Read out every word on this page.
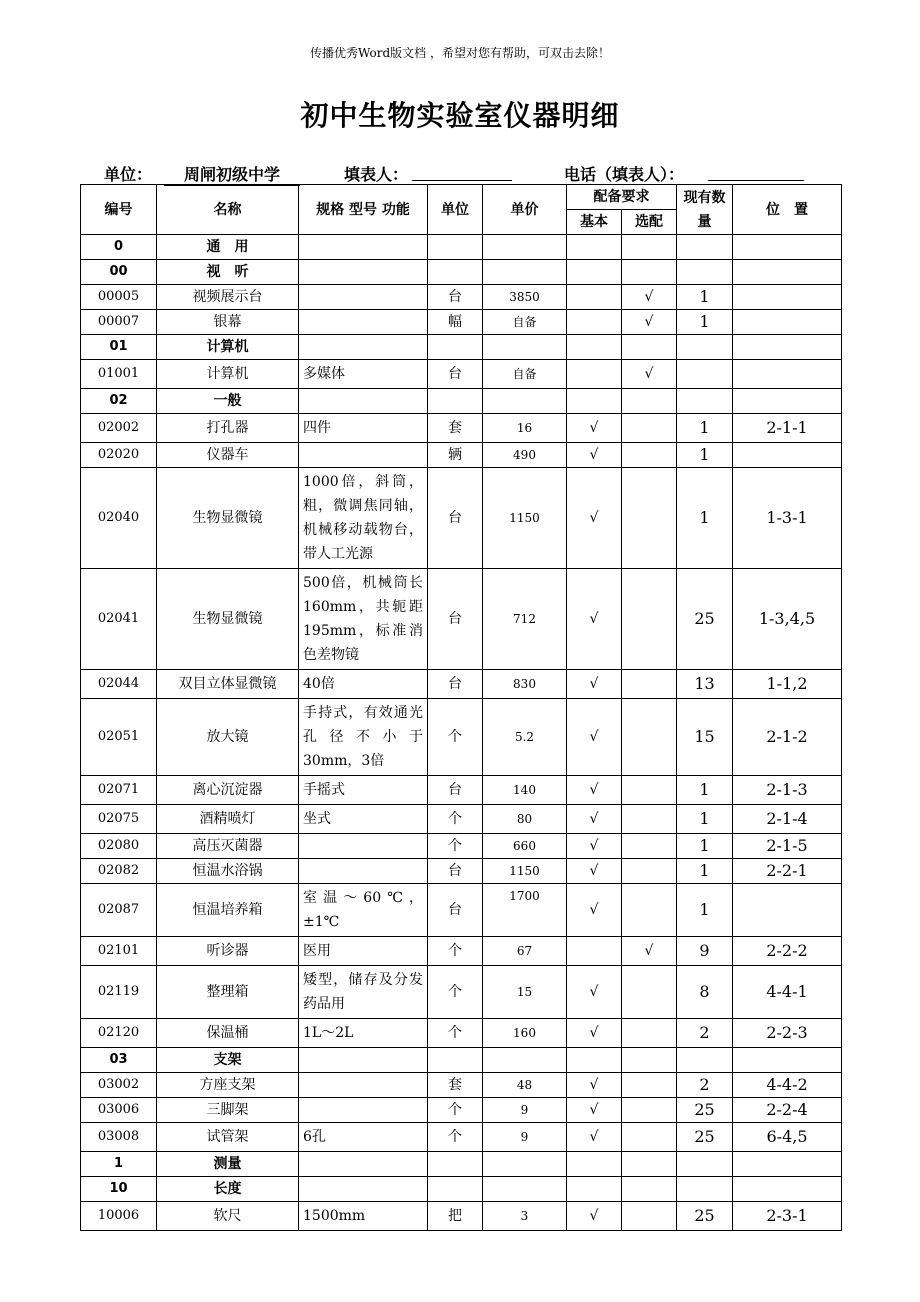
传播优秀Word版文档 ，希望对您有帮助，可双击去除！
初中生物实验室仪器明细
单位：	周闸初级中学	填表人：	电话（填表人）：
编号	名称	规格 型号 功能	单位	单价	配备要求		现有数量	位　置
					基本	选配		
0	通　用							
00	视　听							
00005	视频展示台		台	3850		√	1	
00007	银幕		幅	自备		√	1	
01	计算机							
01001	计算机	多媒体	台	自备		√		
02	一般							
02002	打孔器	四件	套	16	√		1	2-1-1
02020	仪器车		辆	490	√		1	
02040	生物显微镜	1000倍，斜筒，粗，微调焦同轴，机械移动载物台，带人工光源	台	1150	√		1	1-3-1
02041	生物显微镜	500倍，机械筒长160mm，共轭距195mm，标准消色差物镜	台	712	√		25	1-3,4,5
02044	双目立体显微镜	40倍	台	830	√		13	1-1,2
02051	放大镜	手持式，有效通光孔径不小于30mm，3倍	个	5.2	√		15	2-1-2
02071	离心沉淀器	手摇式	台	140	√		1	2-1-3
02075	酒精喷灯	坐式	个	80	√		1	2-1-4
02080	高压灭菌器		个	660	√		1	2-1-5
02082	恒温水浴锅		台	1150	√		1	2-2-1
02087	恒温培养箱	室温～60℃，±1℃	台	1700	√		1	
02101	听诊器	医用	个	67		√	9	2-2-2
02119	整理箱	矮型，储存及分发药品用	个	15	√		8	4-4-1
02120	保温桶	1L～2L	个	160	√		2	2-2-3
03	支架							
03002	方座支架		套	48	√		2	4-4-2
03006	三脚架		个	9	√		25	2-2-4
03008	试管架	6孔	个	9	√		25	6-4,5
1	测量							
10	长度							
10006	软尺	1500mm	把	3	√		25	2-3-1
